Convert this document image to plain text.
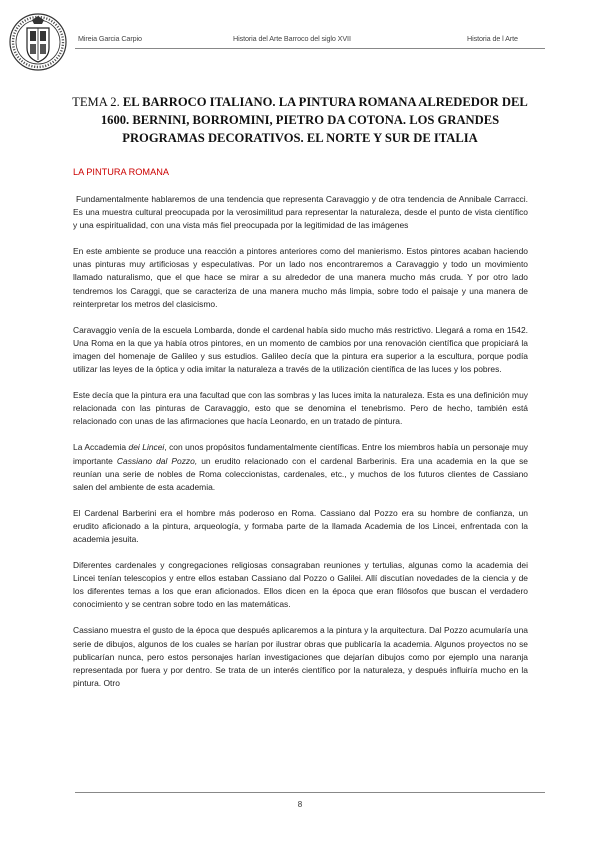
Mireia Garcia Carpio	Historia del Arte Barroco del siglo XVII	Historia de l Arte
TEMA 2. EL BARROCO ITALIANO. LA PINTURA ROMANA ALREDEDOR DEL 1600. BERNINI, BORROMINI, PIETRO DA COTONA. LOS GRANDES PROGRAMAS DECORATIVOS. EL NORTE Y SUR DE ITALIA
LA PINTURA ROMANA

Fundamentalmente hablaremos de una tendencia que representa Caravaggio y de otra tendencia de Annibale Carracci. Es una muestra cultural preocupada por la verosimilitud para representar la naturaleza, desde el punto de vista científico y una espiritualidad, con una vista más fiel preocupada por la legitimidad de las imágenes

En este ambiente se produce una reacción a pintores anteriores como del manierismo. Estos pintores acaban haciendo unas pinturas muy artificiosas y especulativas. Por un lado nos encontraremos a Caravaggio y todo un movimiento llamado naturalismo, que el que hace se mirar a su alrededor de una manera mucho más cruda. Y por otro lado tendremos los Caraggi, que se caracteriza de una manera mucho más limpia, sobre todo el paisaje y una manera de reinterpretar los metros del clasicismo.

Caravaggio venía de la escuela Lombarda, donde el cardenal había sido mucho más restrictivo. Llegará a roma en 1542. Una Roma en la que ya había otros pintores, en un momento de cambios por una renovación científica que propiciará la imagen del homenaje de Galileo y sus estudios. Galileo decía que la pintura era superior a la escultura, porque podía utilizar las leyes de la óptica y odia imitar la naturaleza a través de la utilización científica de las luces y los pobres.

Este decía que la pintura era una facultad que con las sombras y las luces imita la naturaleza. Esta es una definición muy relacionada con las pinturas de Caravaggio, esto que se denomina el tenebrismo. Pero de hecho, también está relacionado con unas de las afirmaciones que hacía Leonardo, en un tratado de pintura.

La Accademia dei Lincei, con unos propósitos fundamentalmente científicas. Entre los miembros había un personaje muy importante Cassiano dal Pozzo, un erudito relacionado con el cardenal Barberinis. Era una academia en la que se reunían una serie de nobles de Roma coleccionistas, cardenales, etc., y muchos de los futuros clientes de Cassiano salen del ambiente de esta academia.

El Cardenal Barberini era el hombre más poderoso en Roma. Cassiano dal Pozzo era su hombre de confianza, un erudito aficionado a la pintura, arqueología, y formaba parte de la llamada Academia de los Lincei, enfrentada con la academia jesuita.

Diferentes cardenales y congregaciones religiosas consagraban reuniones y tertulias, algunas como la academia dei Lincei tenían telescopios y entre ellos estaban Cassiano dal Pozzo o Galilei. Allí discutían novedades de la ciencia y de los diferentes temas a los que eran aficionados. Ellos dicen en la época que eran filósofos que buscan el verdadero conocimiento y se centran sobre todo en las matemáticas.

Cassiano muestra el gusto de la época que después aplicaremos a la pintura y la arquitectura. Dal Pozzo acumularía una serie de dibujos, algunos de los cuales se harían por ilustrar obras que publicaría la academia. Algunos proyectos no se publicarían nunca, pero estos personajes harían investigaciones que dejarían dibujos como por ejemplo una naranja representada por fuera y por dentro. Se trata de un interés científico por la naturaleza, y después influiría mucho en la pintura. Otro

8
